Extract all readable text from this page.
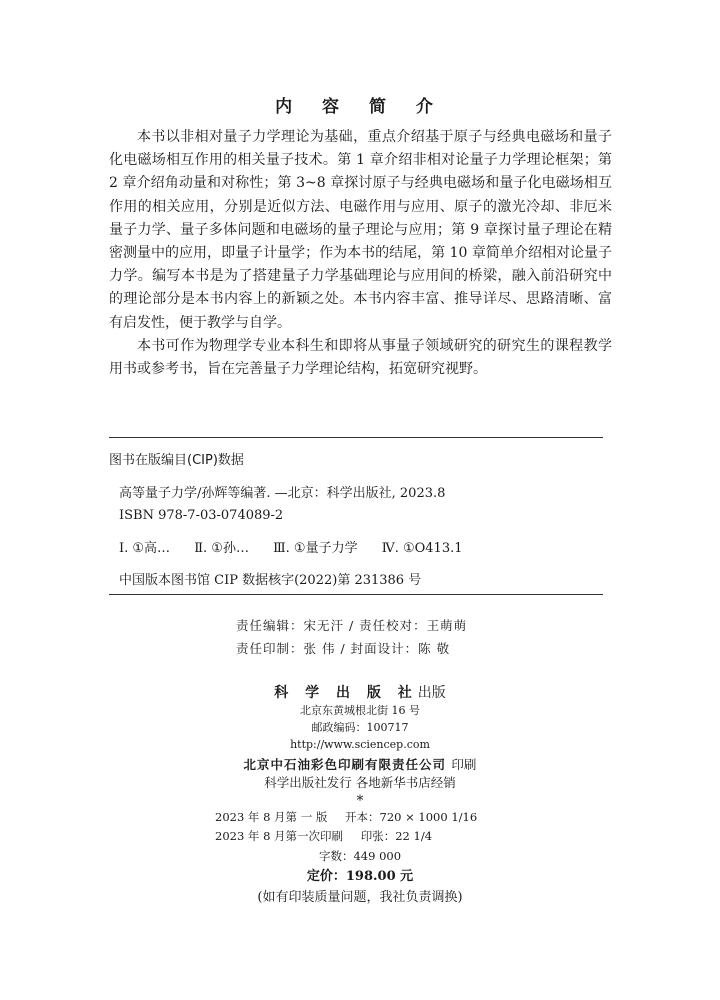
内 容 简 介

本书以非相对量子力学理论为基础，重点介绍基于原子与经典电磁场和量子化电磁场相互作用的相关量子技术。第 1 章介绍非相对论量子力学理论框架；第 2 章介绍角动量和对称性；第 3~8 章探讨原子与经典电磁场和量子化电磁场相互作用的相关应用，分别是近似方法、电磁作用与应用、原子的激光冷却、非厄米量子力学、量子多体问题和电磁场的量子理论与应用；第 9 章探讨量子理论在精密测量中的应用，即量子计量学；作为本书的结尾，第 10 章简单介绍相对论量子力学。编写本书是为了搭建量子力学基础理论与应用间的桥梁，融入前沿研究中的理论部分是本书内容上的新颖之处。本书内容丰富、推导详尽、思路清晰、富有启发性，便于教学与自学。

本书可作为物理学专业本科生和即将从事量子领域研究的研究生的课程教学用书或参考书，旨在完善量子力学理论结构，拓宽研究视野。

图书在版编目(CIP)数据
高等量子力学/孙辉等编著. —北京：科学出版社, 2023.8
ISBN 978-7-03-074089-2
Ⅰ. ①高… Ⅱ. ①孙… Ⅲ. ①量子力学 Ⅳ. ①O413.1
中国版本图书馆 CIP 数据核字(2022)第 231386 号
责任编辑：宋无汗 / 责任校对：王萌萌
责任印制：张 伟 / 封面设计：陈 敬
科 学 出 版 社出版
北京东黄城根北街 16 号
邮政编码：100717
http://www.sciencep.com
北京中石油彩色印刷有限责任公司 印刷
科学出版社发行 各地新华书店经销
*
2023 年 8 月第 一 版 开本：720 × 1000 1/16
2023 年 8 月第一次印刷 印张：22 1/4
字数：449 000
定价：198.00 元
(如有印装质量问题，我社负责调换)
